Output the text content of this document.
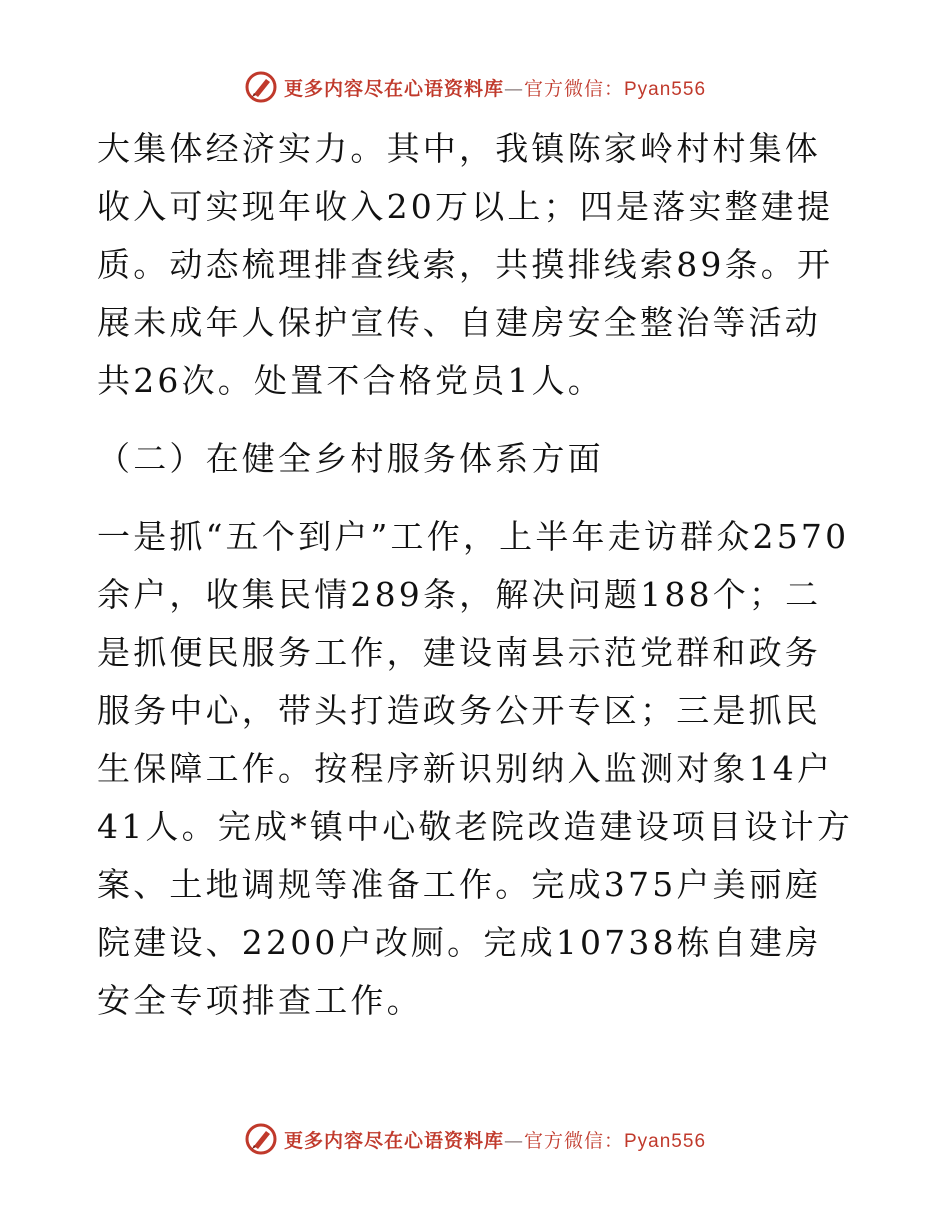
更多内容尽在心语资料库—官方微信：Pyan556

大集体经济实力。其中，我镇陈家岭村村集体收入可实现年收入20万以上；四是落实整建提质。动态梳理排查线索，共摸排线索89条。开展未成年人保护宣传、自建房安全整治等活动共26次。处置不合格党员1人。

（二）在健全乡村服务体系方面

一是抓“五个到户”工作，上半年走访群众2570余户，收集民情289条，解决问题188个；二是抓便民服务工作，建设南县示范党群和政务服务中心，带头打造政务公开专区；三是抓民生保障工作。按程序新识别纳入监测对象14户41人。完成*镇中心敬老院改造建设项目设计方案、土地调规等准备工作。完成375户美丽庭院建设、2200户改厕。完成10738栋自建房安全专项排查工作。

更多内容尽在心语资料库—官方微信：Pyan556
